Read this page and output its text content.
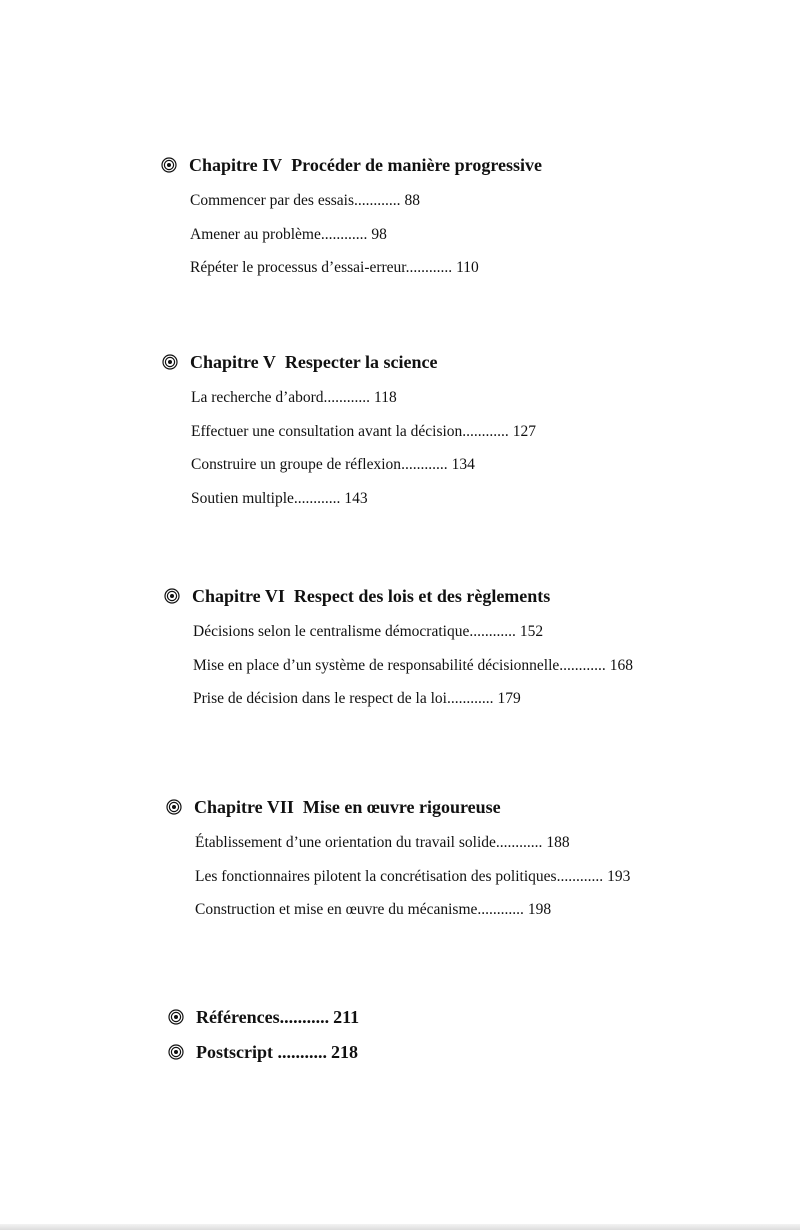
Chapitre IV Procéder de manière progressive
Commencer par des essais............ 88
Amener au problème............ 98
Répéter le processus d’essai-erreur............ 110
Chapitre V Respecter la science
La recherche d’abord............ 118
Effectuer une consultation avant la décision............ 127
Construire un groupe de réflexion............ 134
Soutien multiple............ 143
Chapitre VI Respect des lois et des règlements
Décisions selon le centralisme démocratique............ 152
Mise en place d’un système de responsabilité décisionnelle............ 168
Prise de décision dans le respect de la loi............ 179
Chapitre VII Mise en œuvre rigoureuse
Établissement d’une orientation du travail solide............ 188
Les fonctionnaires pilotent la concrétisation des politiques............ 193
Construction et mise en œuvre du mécanisme............ 198
Références ........... 211
Postscript ........... 218
